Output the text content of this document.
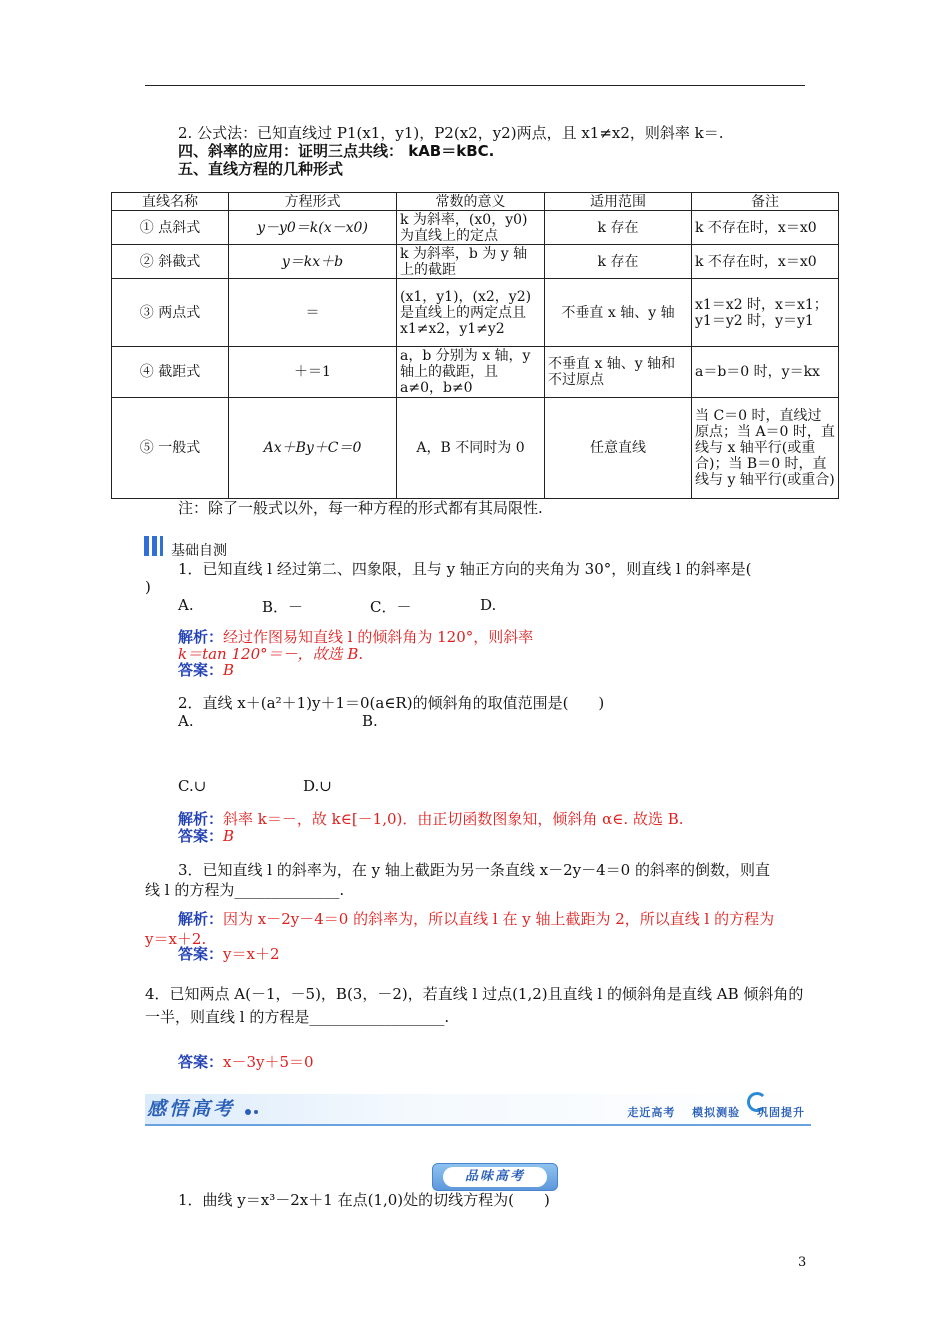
2. 公式法：已知直线过 P1(x1，y1)，P2(x2，y2)两点，且 x1≠x2，则斜率 k＝.
四、斜率的应用：证明三点共线： kAB＝kBC.
五、直线方程的几种形式
直线名称	方程形式	常数的意义	适用范围	备注
① 点斜式	y－y0＝k(x－x0)	k 为斜率，(x0，y0)为直线上的定点	k 存在	k 不存在时，x＝x0
② 斜截式	y＝kx＋b	k 为斜率，b 为 y 轴上的截距	k 存在	k 不存在时，x＝x0
③ 两点式	＝	(x1，y1)，(x2，y2)是直线上的两定点且 x1≠x2，y1≠y2	不垂直 x 轴、y 轴	x1＝x2 时，x＝x1；y1＝y2 时，y＝y1
④ 截距式	＋＝1	a，b 分别为 x 轴，y 轴上的截距，且 a≠0，b≠0	不垂直 x 轴、y 轴和不过原点	a＝b＝0 时，y＝kx
⑤ 一般式	Ax＋By＋C＝0	A，B 不同时为 0	任意直线	当 C＝0 时，直线过原点；当 A＝0 时，直线与 x 轴平行(或重合)；当 B＝0 时，直线与 y 轴平行(或重合)
注：除了一般式以外，每一种方程的形式都有其局限性.
基础自测
1．已知直线 l 经过第二、四象限，且与 y 轴正方向的夹角为 30°，则直线 l 的斜率是(
)
A.	B．－	C．－	D.
解析：经过作图易知直线 l 的倾斜角为 120°，则斜率
k＝tan 120°＝－，故选 B.
答案：B
2．直线 x＋(a²＋1)y＋1＝0(a∈R)的倾斜角的取值范围是(　　)
A.	B.
C.∪	D.∪
解析：斜率 k＝－，故 k∈[－1,0)．由正切函数图象知，倾斜角 α∈. 故选 B.
答案：B
3．已知直线 l 的斜率为，在 y 轴上截距为另一条直线 x－2y－4＝0 的斜率的倒数，则直
线 l 的方程为______________.
解析：因为 x－2y－4＝0 的斜率为，所以直线 l 在 y 轴上截距为 2，所以直线 l 的方程为
y＝x＋2.
答案：y＝x＋2
4．已知两点 A(－1，－5)，B(3，－2)，若直线 l 过点(1,2)且直线 l 的倾斜角是直线 AB 倾斜角的
一半，则直线 l 的方程是__________________.
答案：x－3y＋5＝0
感悟高考	走近高考 模拟测验 巩固提升
品味高考
1．曲线 y＝x³－2x＋1 在点(1,0)处的切线方程为(　　)
3
